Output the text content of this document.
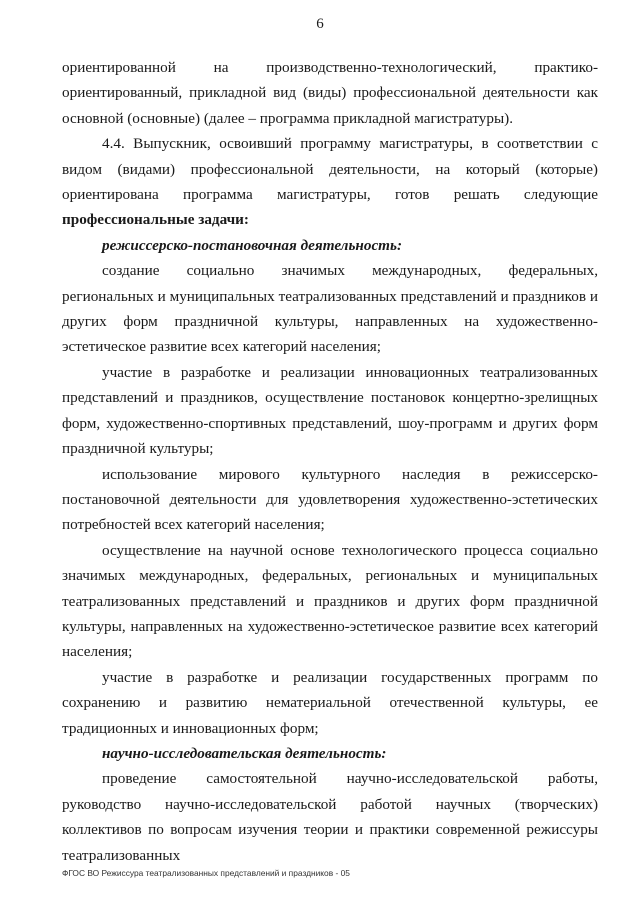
6

ориентированной на производственно-технологический, практико-ориентированный, прикладной вид (виды) профессиональной деятельности как основной (основные) (далее – программа прикладной магистратуры).

4.4. Выпускник, освоивший программу магистратуры, в соответствии с видом (видами) профессиональной деятельности, на который (которые) ориентирована программа магистратуры, готов решать следующие профессиональные задачи:

режиссерско-постановочная деятельность:

создание социально значимых международных, федеральных, региональных и муниципальных театрализованных представлений и праздников и других форм праздничной культуры, направленных на художественно-эстетическое развитие всех категорий населения;

участие в разработке и реализации инновационных театрализованных представлений и праздников, осуществление постановок концертно-зрелищных форм, художественно-спортивных представлений, шоу-программ и других форм праздничной культуры;

использование мирового культурного наследия в режиссерско-постановочной деятельности для удовлетворения художественно-эстетических потребностей всех категорий населения;

осуществление на научной основе технологического процесса социально значимых международных, федеральных, региональных и муниципальных театрализованных представлений и праздников и других форм праздничной культуры, направленных на художественно-эстетическое развитие всех категорий населения;

участие в разработке и реализации государственных программ по сохранению и развитию нематериальной отечественной культуры, ее традиционных и инновационных форм;

научно-исследовательская деятельность:

проведение самостоятельной научно-исследовательской работы, руководство научно-исследовательской работой научных (творческих) коллективов по вопросам изучения теории и практики современной режиссуры театрализованных

ФГОС ВО Режиссура театрализованных представлений и праздников - 05
